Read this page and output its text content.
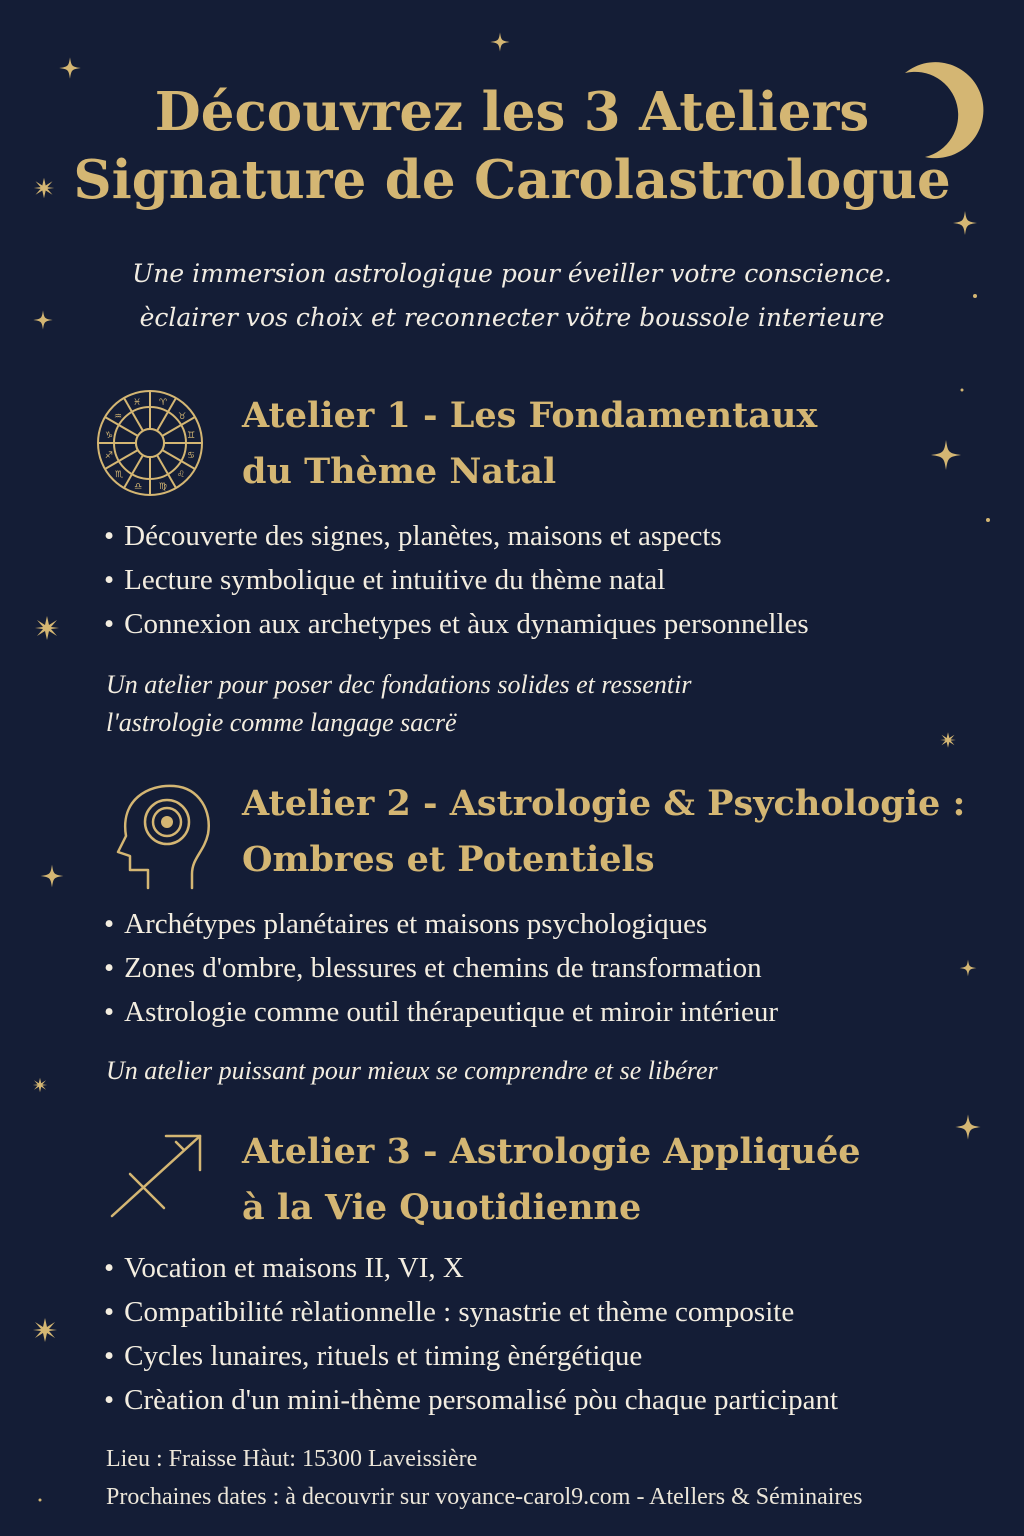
Découvrez les 3 Ateliers
Signature de Carolastrologue
Une immersion astrologique pour éveiller votre conscience.
èclairer vos choix et reconnecter vötre boussole interieure
♈
♉
♊
♋
♌
♍
♎
♏
♐
♑
♒
♓	Atelier 1 - Les Fondamentaux
du Thème Natal
• Découverte des signes, planètes, maisons et aspects
• Lecture symbolique et intuitive du thème natal
• Connexion aux archetypes et àux dynamiques personnelles
Un atelier pour poser dec fondations solides et ressentir
l'astrologie comme langage sacrë
Atelier 2 - Astrologie & Psychologie :
Ombres et Potentiels
• Archétypes planétaires et maisons psychologiques
• Zones d'ombre, blessures et chemins de transformation
• Astrologie comme outil thérapeutique et miroir intérieur
Un atelier puissant pour mieux se comprendre et se libérer
Atelier 3 - Astrologie Appliquée
à la Vie Quotidienne
• Vocation et maisons II, VI, X
• Compatibilité rèlationnelle : synastrie et thème composite
• Cycles lunaires, rituels et timing ènérgétique
• Crèation d'un mini-thème persomalisé pòu chaque participant
Lieu : Fraisse Hàut: 15300 Laveissière
Prochaines dates : à decouvrir sur voyance-carol9.com - Atellers & Séminaires
